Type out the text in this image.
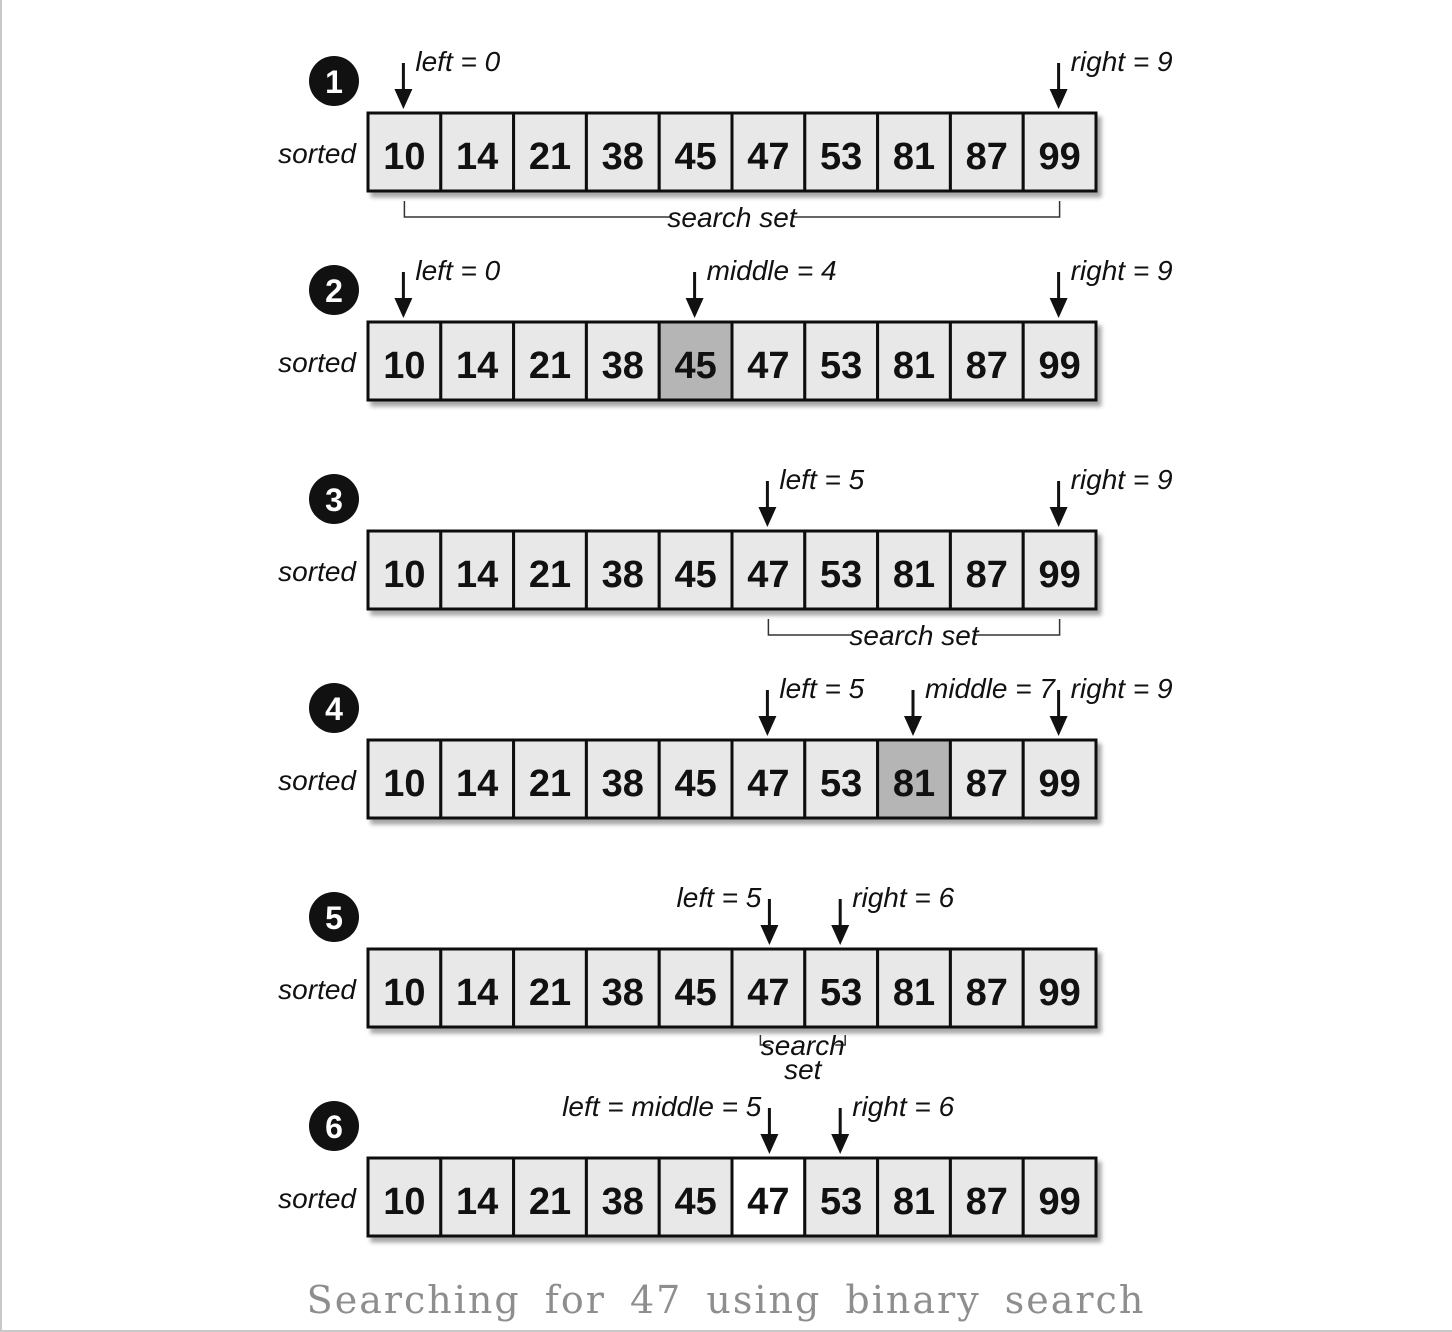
1
sorted 10 14 21 38 45 47 53 81 87 99
left = 0	right = 9
search set
2
sorted 10 14 21 38 45 47 53 81 87 99
left = 0	middle = 4	right = 9
3
sorted 10 14 21 38 45 47 53 81 87 99
left = 5	right = 9
search set
4
sorted 10 14 21 38 45 47 53 81 87 99
left = 5 middle = 7 right = 9
5
sorted 10 14 21 38 45 47 53 81 87 99
left = 5	right = 6
search
set
6
sorted 10 14 21 38 45 47 53 81 87 99
left = middle = 5	right = 6
Searching for 47 using binary search
